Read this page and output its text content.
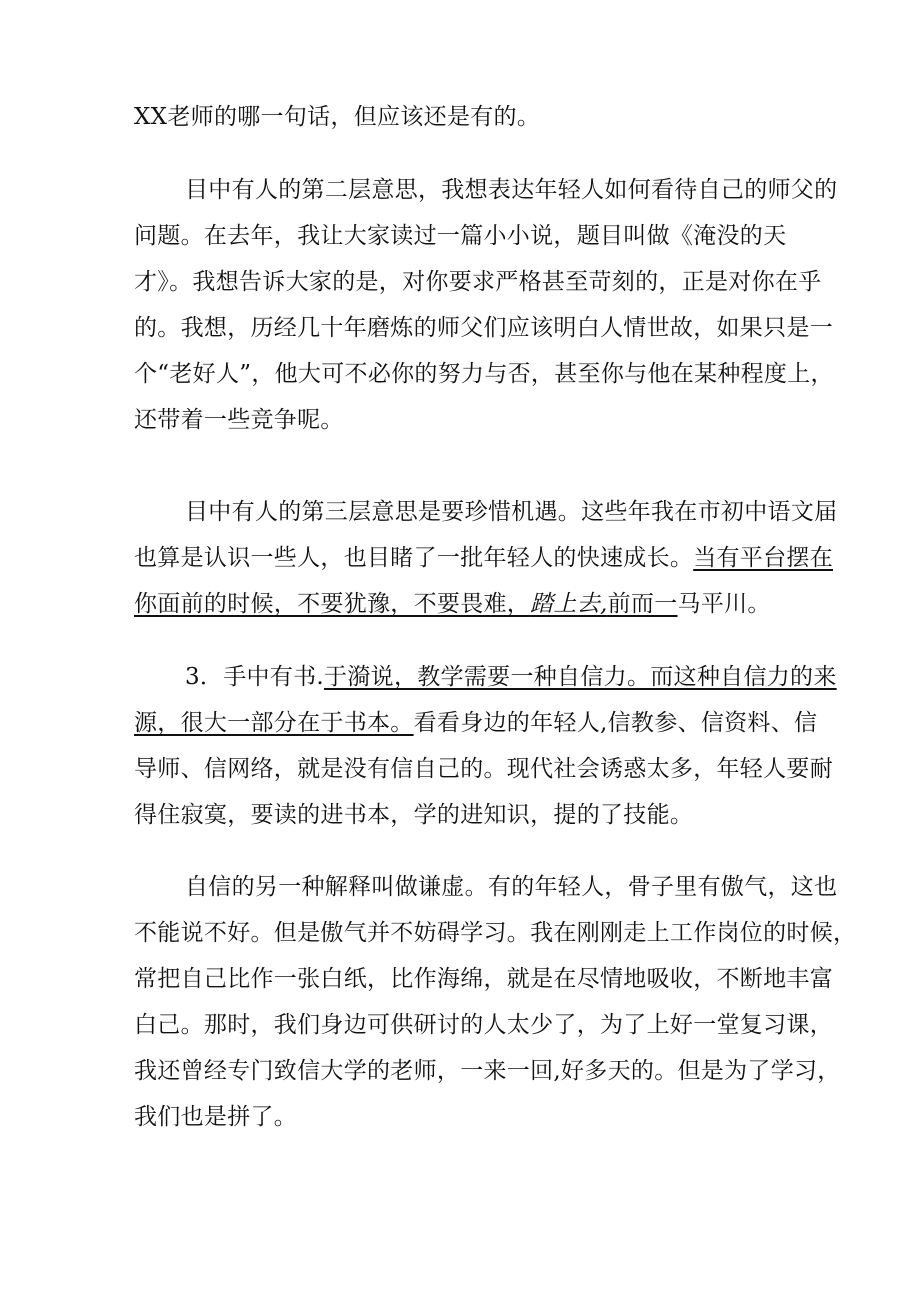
XX老师的哪一句话，但应该还是有的。
目中有人的第二层意思，我想表达年轻人如何看待自己的师父的
问题。在去年，我让大家读过一篇小小说，题目叫做《淹没的天
才》。我想告诉大家的是，对你要求严格甚至苛刻的，正是对你在乎
的。我想，历经几十年磨炼的师父们应该明白人情世故，如果只是一
个“老好人”，他大可不必你的努力与否，甚至你与他在某种程度上，
还带着一些竞争呢。
目中有人的第三层意思是要珍惜机遇。这些年我在市初中语文届
也算是认识一些人，也目睹了一批年轻人的快速成长。当有平台摆在
你面前的时候，不要犹豫，不要畏难，踏上去,前而一马平川。
3．手中有书.于漪说，教学需要一种自信力。而这种自信力的来
源，很大一部分在于书本。看看身边的年轻人,信教参、信资料、信
导师、信网络，就是没有信自己的。现代社会诱惑太多，年轻人要耐
得住寂寞，要读的进书本，学的进知识，提的了技能。
自信的另一种解释叫做谦虚。有的年轻人，骨子里有傲气，这也
不能说不好。但是傲气并不妨碍学习。我在刚刚走上工作岗位的时候，
常把自己比作一张白纸，比作海绵，就是在尽情地吸收，不断地丰富
白己。那时，我们身边可供研讨的人太少了，为了上好一堂复习课，
我还曾经专门致信大学的老师，一来一回,好多天的。但是为了学习，
我们也是拼了。
